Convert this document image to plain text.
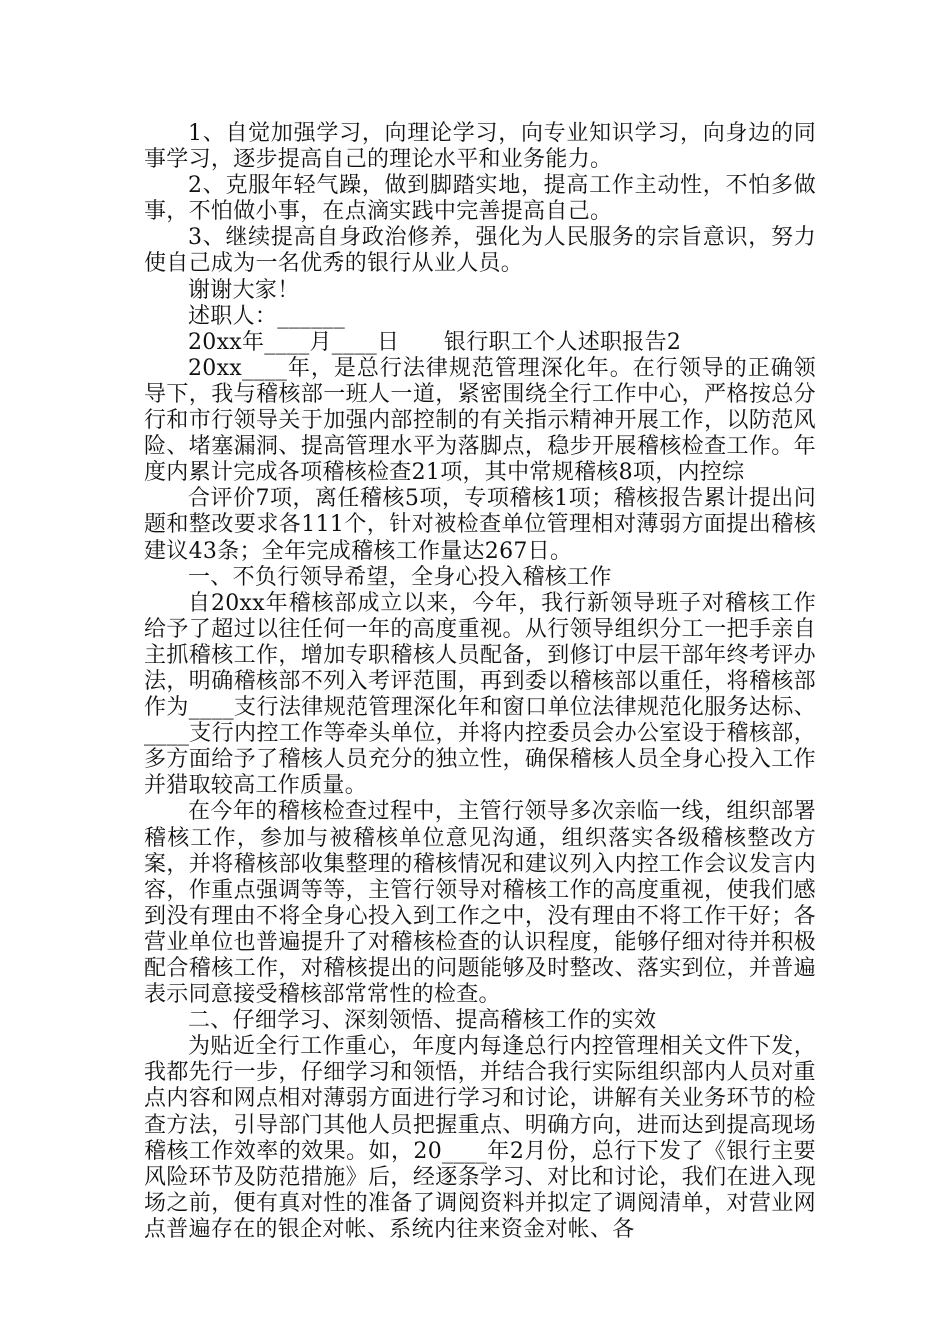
1、自觉加强学习，向理论学习，向专业知识学习，向身边的同事学习，逐步提高自己的理论水平和业务能力。

2、克服年轻气躁，做到脚踏实地，提高工作主动性，不怕多做事，不怕做小事，在点滴实践中完善提高自己。

3、继续提高自身政治修养，强化为人民服务的宗旨意识，努力使自己成为一名优秀的银行从业人员。

谢谢大家！

述职人：______

20xx年____月____日　　银行职工个人述职报告2

20xx____年，是总行法律规范管理深化年。在行领导的正确领导下，我与稽核部一班人一道，紧密围绕全行工作中心，严格按总分行和市行领导关于加强内部控制的有关指示精神开展工作，以防范风险、堵塞漏洞、提高管理水平为落脚点，稳步开展稽核检查工作。年度内累计完成各项稽核检查21项，其中常规稽核8项，内控综

合评价7项，离任稽核5项，专项稽核1项；稽核报告累计提出问题和整改要求各111个，针对被检查单位管理相对薄弱方面提出稽核建议43条；全年完成稽核工作量达267日。

一、不负行领导希望，全身心投入稽核工作

自20xx年稽核部成立以来，今年，我行新领导班子对稽核工作给予了超过以往任何一年的高度重视。从行领导组织分工一把手亲自主抓稽核工作，增加专职稽核人员配备，到修订中层干部年终考评办法，明确稽核部不列入考评范围，再到委以稽核部以重任，将稽核部作为____支行法律规范管理深化年和窗口单位法律规范化服务达标、____支行内控工作等牵头单位，并将内控委员会办公室设于稽核部，多方面给予了稽核人员充分的独立性，确保稽核人员全身心投入工作并猎取较高工作质量。

在今年的稽核检查过程中，主管行领导多次亲临一线，组织部署稽核工作，参加与被稽核单位意见沟通，组织落实各级稽核整改方案，并将稽核部收集整理的稽核情况和建议列入内控工作会议发言内容，作重点强调等等，主管行领导对稽核工作的高度重视，使我们感到没有理由不将全身心投入到工作之中，没有理由不将工作干好；各营业单位也普遍提升了对稽核检查的认识程度，能够仔细对待并积极配合稽核工作，对稽核提出的问题能够及时整改、落实到位，并普遍表示同意接受稽核部常常性的检查。

二、仔细学习、深刻领悟、提高稽核工作的实效

为贴近全行工作重心，年度内每逢总行内控管理相关文件下发，我都先行一步，仔细学习和领悟，并结合我行实际组织部内人员对重点内容和网点相对薄弱方面进行学习和讨论，讲解有关业务环节的检查方法，引导部门其他人员把握重点、明确方向，进而达到提高现场稽核工作效率的效果。如，20____年2月份，总行下发了《银行主要风险环节及防范措施》后，经逐条学习、对比和讨论，我们在进入现场之前，便有真对性的准备了调阅资料并拟定了调阅清单，对营业网点普遍存在的银企对帐、系统内往来资金对帐、各
